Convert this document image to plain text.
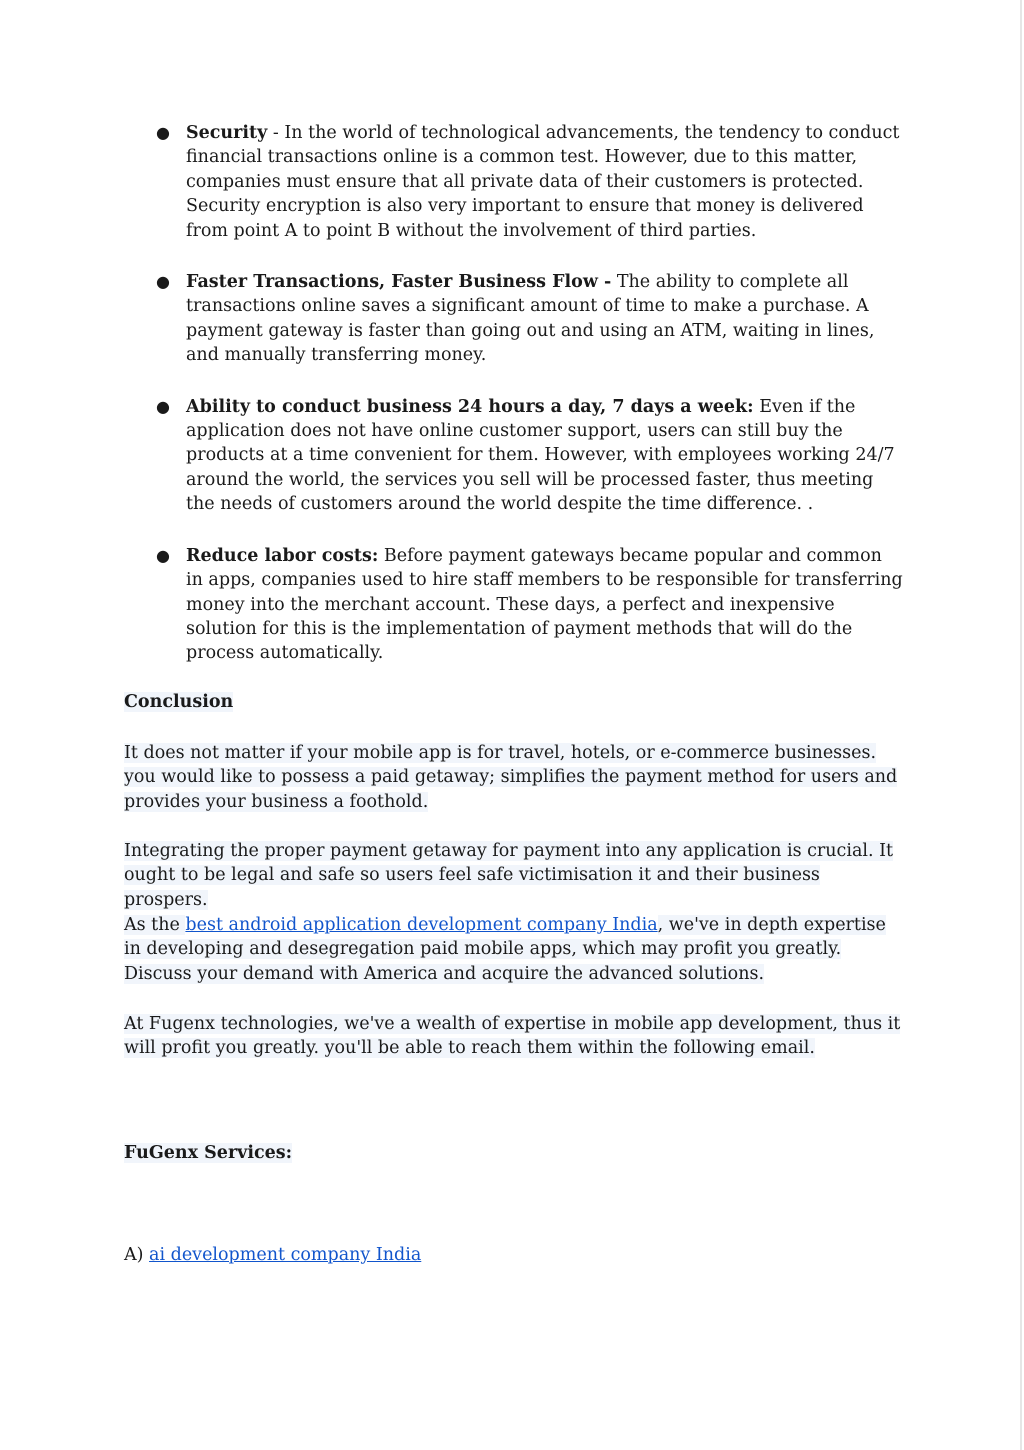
● Security - In the world of technological advancements, the tendency to conduct financial transactions online is a common test. However, due to this matter, companies must ensure that all private data of their customers is protected. Security encryption is also very important to ensure that money is delivered from point A to point B without the involvement of third parties.
● Faster Transactions, Faster Business Flow - The ability to complete all transactions online saves a significant amount of time to make a purchase. A payment gateway is faster than going out and using an ATM, waiting in lines, and manually transferring money.
● Ability to conduct business 24 hours a day, 7 days a week: Even if the application does not have online customer support, users can still buy the products at a time convenient for them. However, with employees working 24/7 around the world, the services you sell will be processed faster, thus meeting the needs of customers around the world despite the time difference. .
● Reduce labor costs: Before payment gateways became popular and common in apps, companies used to hire staff members to be responsible for transferring money into the merchant account. These days, a perfect and inexpensive solution for this is the implementation of payment methods that will do the process automatically.
Conclusion
It does not matter if your mobile app is for travel, hotels, or e-commerce businesses. you would like to possess a paid getaway; simplifies the payment method for users and provides your business a foothold.
Integrating the proper payment getaway for payment into any application is crucial. It ought to be legal and safe so users feel safe victimisation it and their business prospers.
As the best android application development company India, we've in depth expertise in developing and desegregation paid mobile apps, which may profit you greatly. Discuss your demand with America and acquire the advanced solutions.
At Fugenx technologies, we've a wealth of expertise in mobile app development, thus it will profit you greatly. you'll be able to reach them within the following email.
FuGenx Services:
A) ai development company India
